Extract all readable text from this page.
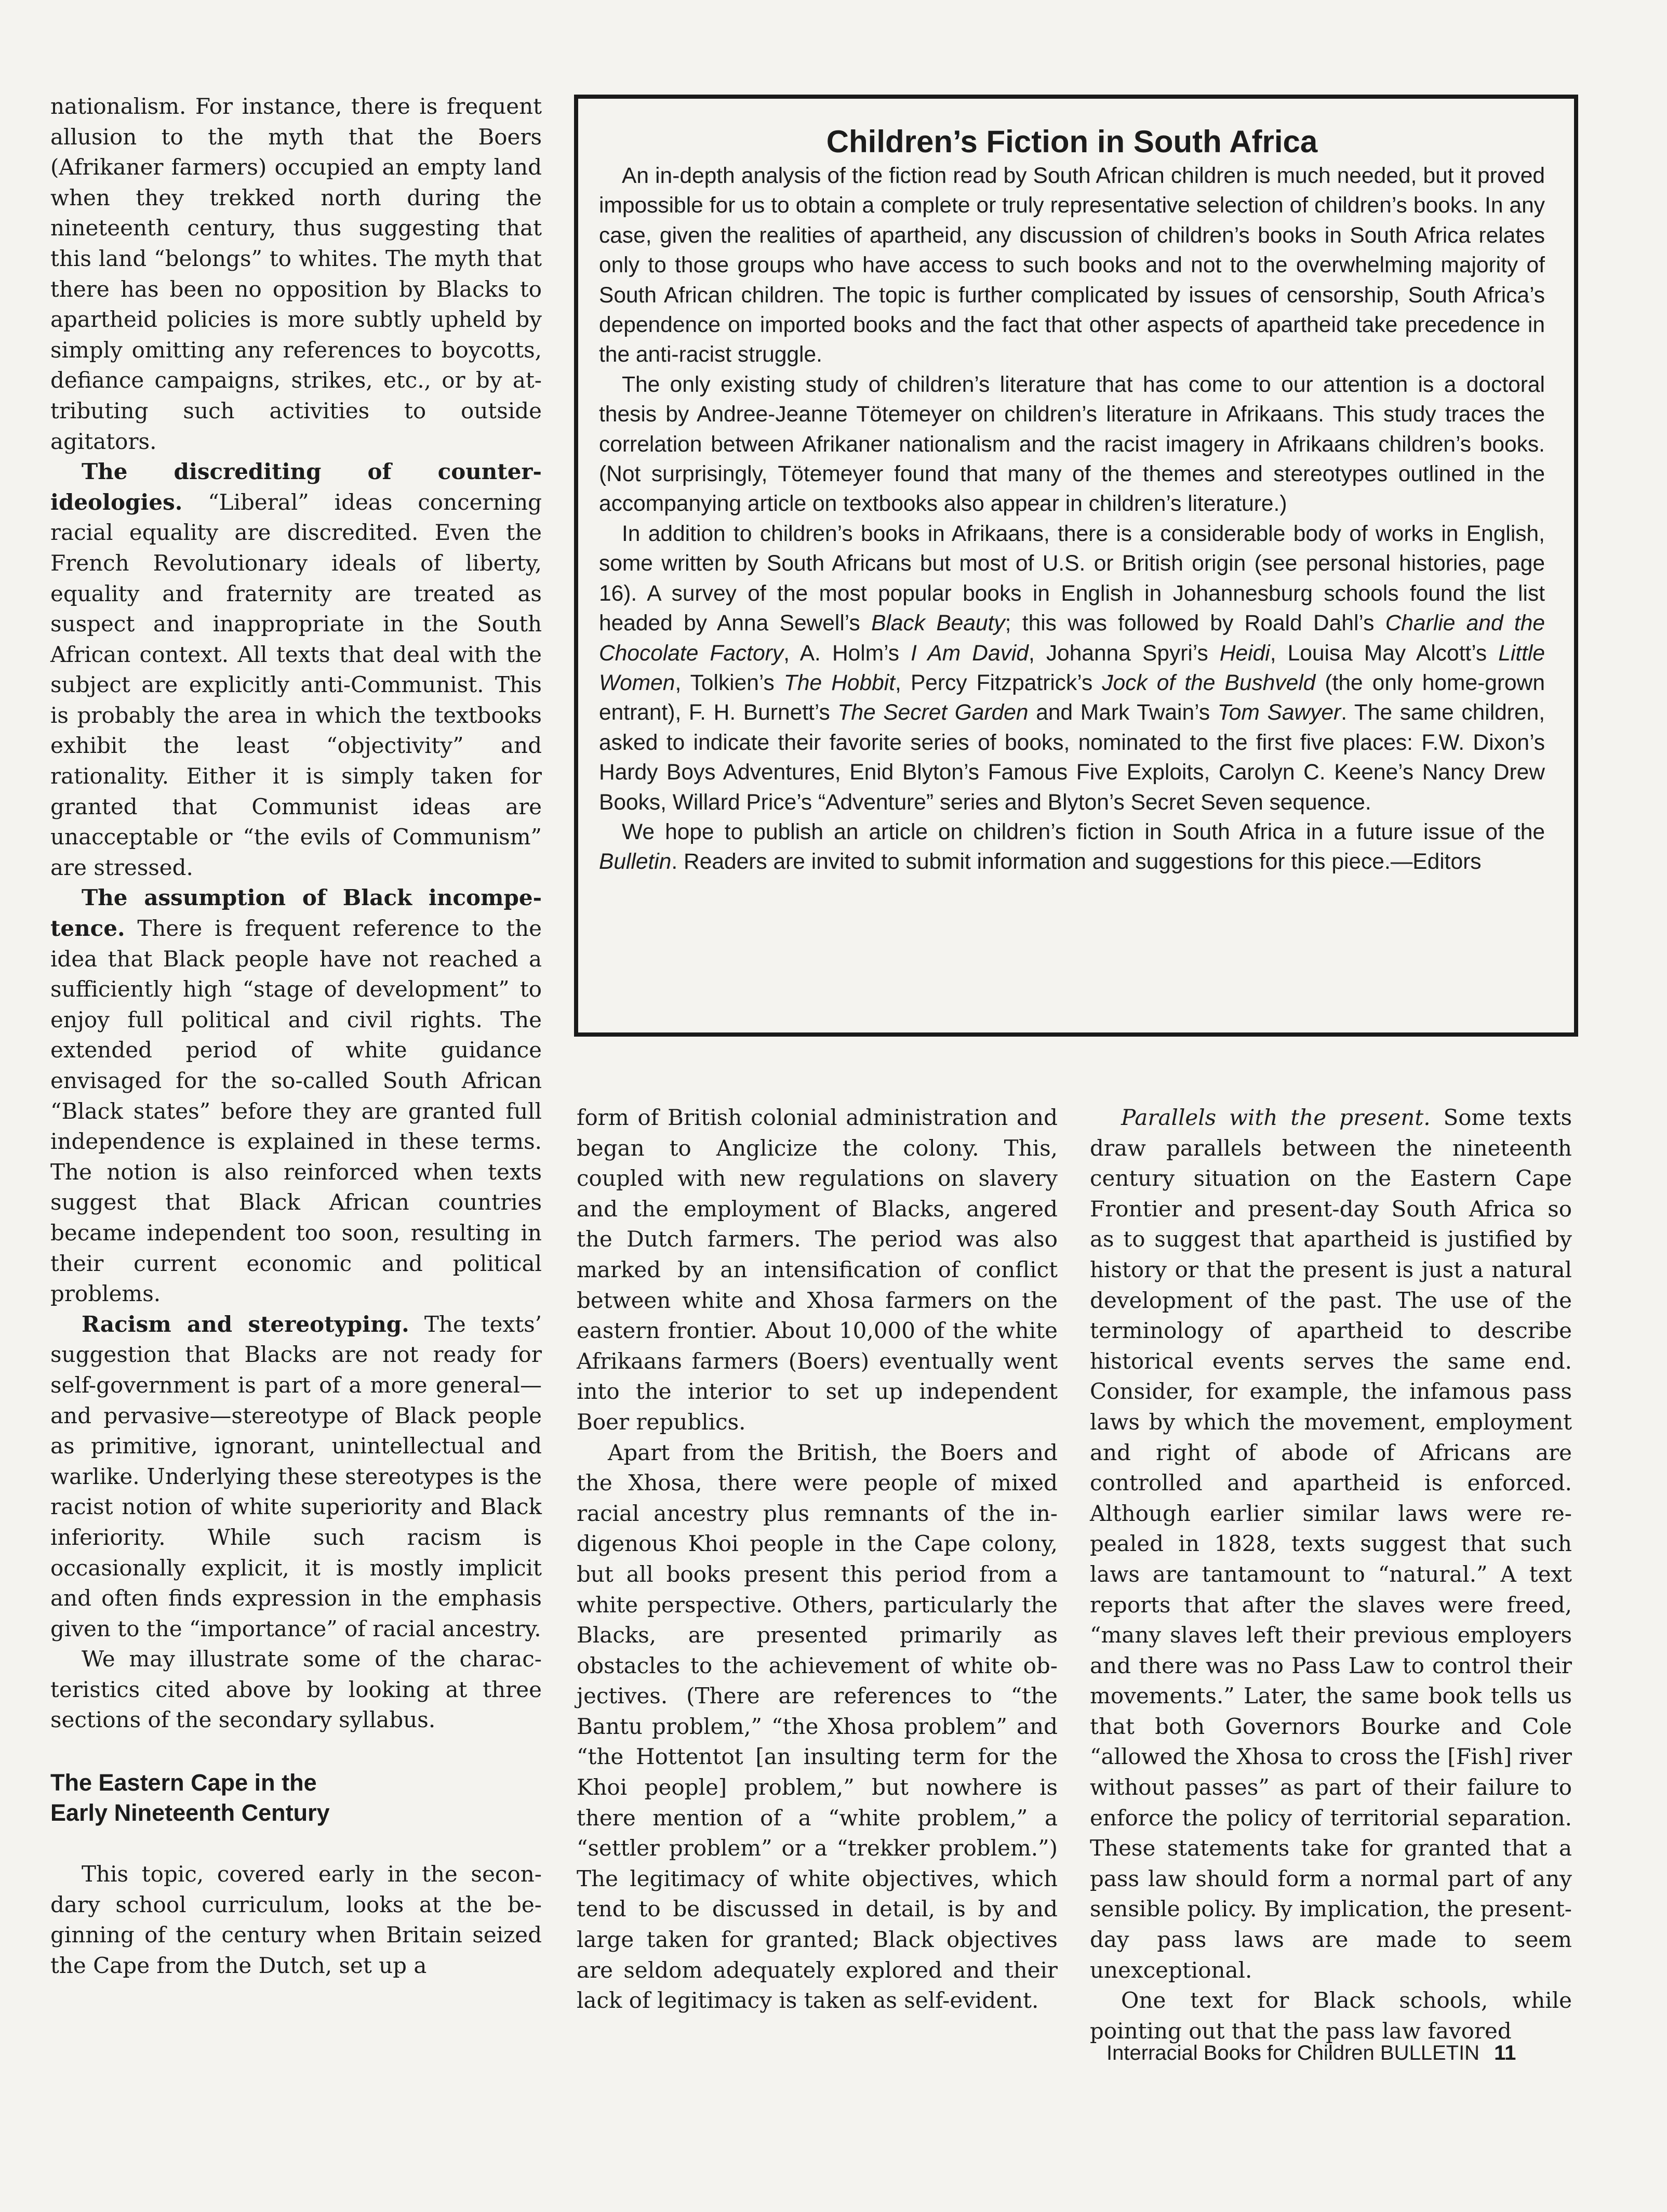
nationalism. For instance, there is frequent allusion to the myth that the Boers (Afrikaner farmers) occupied an empty land when they trekked north during the nineteenth century, thus suggesting that this land “belongs” to whites. The myth that there has been no opposition by Blacks to apartheid policies is more subtly upheld by simply omitting any references to boycotts, defiance campaigns, strikes, etc., or by attributing such activities to outside agitators.

The discrediting of counter-ideologies. “Liberal” ideas concerning racial equality are discredited. Even the French Revolutionary ideals of liberty, equality and fraternity are treated as suspect and inappropriate in the South African context. All texts that deal with the subject are explicitly anti-Communist. This is probably the area in which the textbooks exhibit the least “objectivity” and rationality. Either it is simply taken for granted that Communist ideas are unacceptable or “the evils of Communism” are stressed.

The assumption of Black incompetence. There is frequent reference to the idea that Black people have not reached a sufficiently high “stage of development” to enjoy full political and civil rights. The extended period of white guidance envisaged for the so-called South African “Black states” before they are granted full independence is explained in these terms. The notion is also reinforced when texts suggest that Black African countries became independent too soon, resulting in their current economic and political problems.

Racism and stereotyping. The texts’ suggestion that Blacks are not ready for self-government is part of a more general—and pervasive—stereotype of Black people as primitive, ignorant, unintellectual and warlike. Underlying these stereotypes is the racist notion of white superiority and Black inferiority. While such racism is occasionally explicit, it is mostly implicit and often finds expression in the emphasis given to the “importance” of racial ancestry.

We may illustrate some of the characteristics cited above by looking at three sections of the secondary syllabus.

The Eastern Cape in the
Early Nineteenth Century

This topic, covered early in the secondary school curriculum, looks at the beginning of the century when Britain seized the Cape from the Dutch, set up a

Children’s Fiction in South Africa

An in-depth analysis of the fiction read by South African children is much needed, but it proved impossible for us to obtain a complete or truly representative selection of children’s books. In any case, given the realities of apartheid, any discussion of children’s books in South Africa relates only to those groups who have access to such books and not to the overwhelming majority of South African children. The topic is further complicated by issues of censorship, South Africa’s dependence on imported books and the fact that other aspects of apartheid take precedence in the anti-racist struggle.

The only existing study of children’s literature that has come to our attention is a doctoral thesis by Andree-Jeanne Tötemeyer on children’s literature in Afrikaans. This study traces the correlation between Afrikaner nationalism and the racist imagery in Afrikaans children’s books. (Not surprisingly, Tötemeyer found that many of the themes and stereotypes outlined in the accompanying article on textbooks also appear in children’s literature.)

In addition to children’s books in Afrikaans, there is a considerable body of works in English, some written by South Africans but most of U.S. or British origin (see personal histories, page 16). A survey of the most popular books in English in Johannesburg schools found the list headed by Anna Sewell’s Black Beauty; this was followed by Roald Dahl’s Charlie and the Chocolate Factory, A. Holm’s I Am David, Johanna Spyri’s Heidi, Louisa May Alcott’s Little Women, Tolkien’s The Hobbit, Percy Fitzpatrick’s Jock of the Bushveld (the only home-grown entrant), F. H. Burnett’s The Secret Garden and Mark Twain’s Tom Sawyer. The same children, asked to indicate their favorite series of books, nominated to the first five places: F.W. Dixon’s Hardy Boys Adventures, Enid Blyton’s Famous Five Exploits, Carolyn C. Keene’s Nancy Drew Books, Willard Price’s “Adventure” series and Blyton’s Secret Seven sequence.

We hope to publish an article on children’s fiction in South Africa in a future issue of the Bulletin. Readers are invited to submit information and suggestions for this piece.—Editors

form of British colonial administration and began to Anglicize the colony. This, coupled with new regulations on slavery and the employment of Blacks, angered the Dutch farmers. The period was also marked by an intensification of conflict between white and Xhosa farmers on the eastern frontier. About 10,000 of the white Afrikaans farmers (Boers) eventually went into the interior to set up independent Boer republics.

Apart from the British, the Boers and the Xhosa, there were people of mixed racial ancestry plus remnants of the indigenous Khoi people in the Cape colony, but all books present this period from a white perspective. Others, particularly the Blacks, are presented primarily as obstacles to the achievement of white objectives. (There are references to “the Bantu problem,” “the Xhosa problem” and “the Hottentot [an insulting term for the Khoi people] problem,” but nowhere is there mention of a “white problem,” a “settler problem” or a “trekker problem.”) The legitimacy of white objectives, which tend to be discussed in detail, is by and large taken for granted; Black objectives are seldom adequately explored and their lack of legitimacy is taken as self-evident.

Parallels with the present. Some texts draw parallels between the nineteenth century situation on the Eastern Cape Frontier and present-day South Africa so as to suggest that apartheid is justified by history or that the present is just a natural development of the past. The use of the terminology of apartheid to describe historical events serves the same end. Consider, for example, the infamous pass laws by which the movement, employment and right of abode of Africans are controlled and apartheid is enforced. Although earlier similar laws were repealed in 1828, texts suggest that such laws are tantamount to “natural.” A text reports that after the slaves were freed, “many slaves left their previous employers and there was no Pass Law to control their movements.” Later, the same book tells us that both Governors Bourke and Cole “allowed the Xhosa to cross the [Fish] river without passes” as part of their failure to enforce the policy of territorial separation. These statements take for granted that a pass law should form a normal part of any sensible policy. By implication, the present-day pass laws are made to seem unexceptional.

One text for Black schools, while pointing out that the pass law favored

Interracial Books for Children BULLETIN 11
